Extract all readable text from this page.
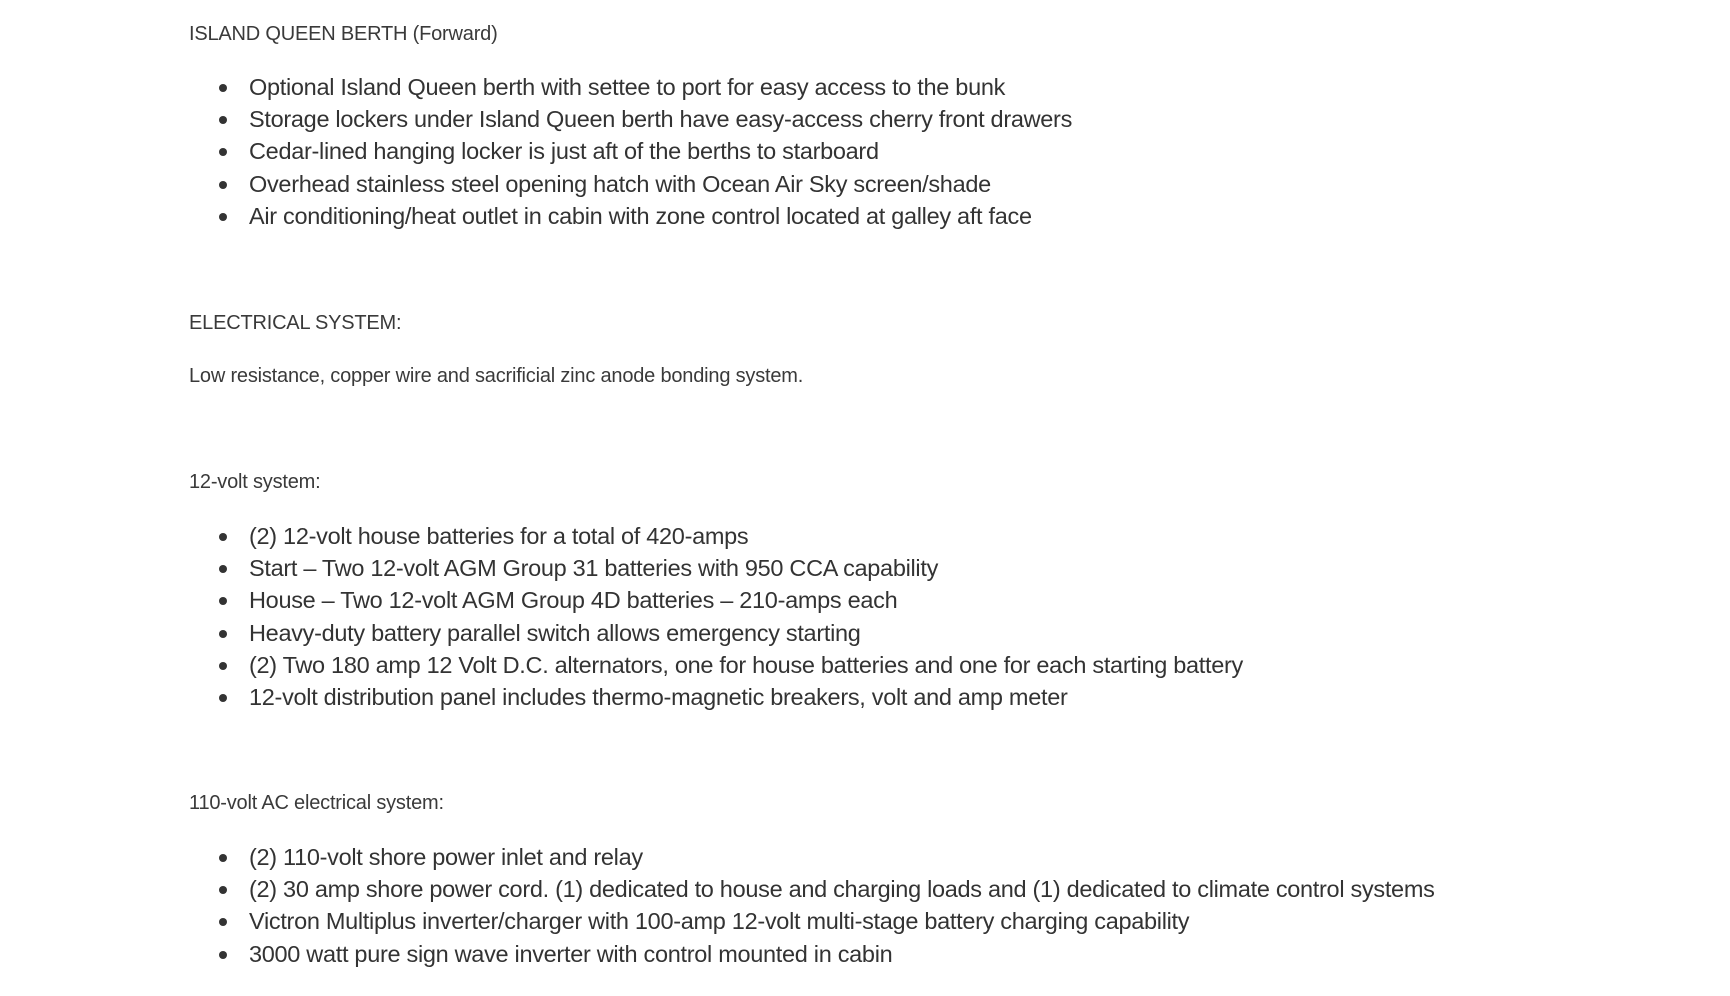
ISLAND QUEEN BERTH (Forward)

Optional Island Queen berth with settee to port for easy access to the bunk
Storage lockers under Island Queen berth have easy-access cherry front drawers
Cedar-lined hanging locker is just aft of the berths to starboard
Overhead stainless steel opening hatch with Ocean Air Sky screen/shade
Air conditioning/heat outlet in cabin with zone control located at galley aft face

ELECTRICAL SYSTEM:

Low resistance, copper wire and sacrificial zinc anode bonding system.

12-volt system:

(2) 12-volt house batteries for a total of 420-amps
Start – Two 12-volt AGM Group 31 batteries with 950 CCA capability
House – Two 12-volt AGM Group 4D batteries – 210-amps each
Heavy-duty battery parallel switch allows emergency starting
(2) Two 180 amp 12 Volt D.C. alternators, one for house batteries and one for each starting battery
12-volt distribution panel includes thermo-magnetic breakers, volt and amp meter

110-volt AC electrical system:

(2) 110-volt shore power inlet and relay
(2) 30 amp shore power cord. (1) dedicated to house and charging loads and (1) dedicated to climate control systems
Victron Multiplus inverter/charger with 100-amp 12-volt multi-stage battery charging capability
3000 watt pure sign wave inverter with control mounted in cabin
